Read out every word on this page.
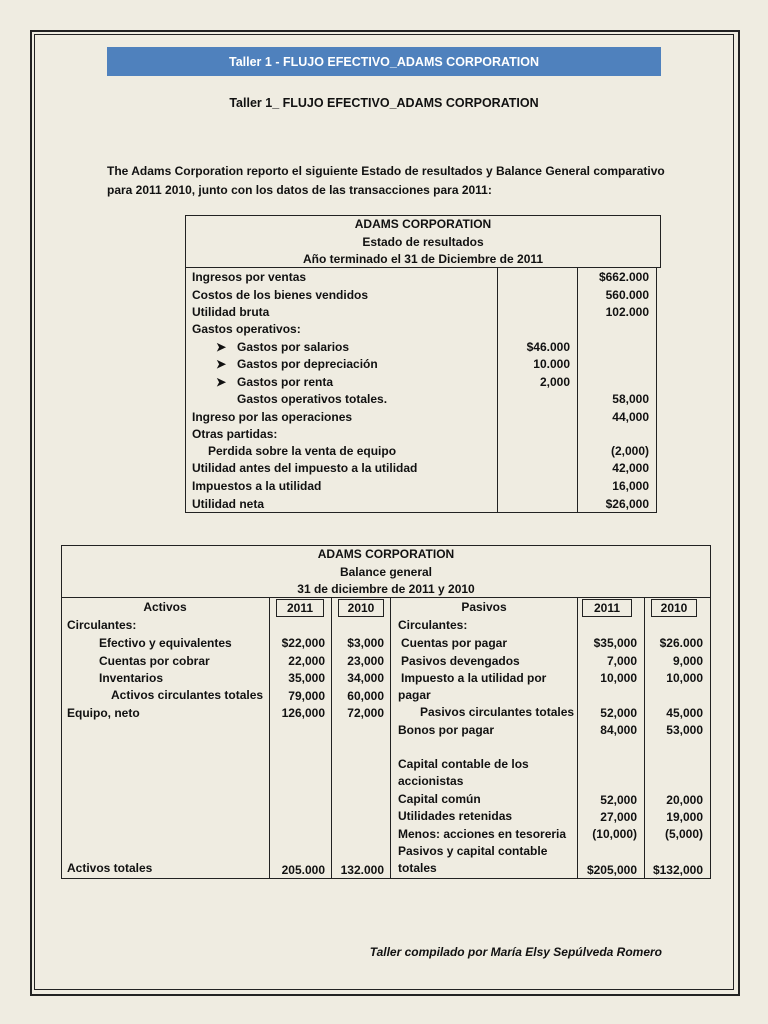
Taller 1 - FLUJO EFECTIVO_ADAMS CORPORATION
Taller 1_ FLUJO EFECTIVO_ADAMS CORPORATION
The Adams Corporation reporto el siguiente Estado de resultados y Balance General comparativo
para 2011 2010, junto con los datos de las transacciones para 2011:
ADAMS CORPORATION
Estado de resultados
Año terminado el 31 de Diciembre de 2011
Ingresos por ventas	$662.000
Costos de los bienes vendidos	560.000
Utilidad bruta	102.000
Gastos operativos:
➤ Gastos por salarios	$46.000
➤ Gastos por depreciación	10.000
➤ Gastos por renta	2,000
Gastos operativos totales.	58,000
Ingreso por las operaciones	44,000
Otras partidas:
Perdida sobre la venta de equipo	(2,000)
Utilidad antes del impuesto a la utilidad	42,000
Impuestos a la utilidad	16,000
Utilidad neta	$26,000
ADAMS CORPORATION
Balance general
31 de diciembre de 2011 y 2010
Activos	2011	2010	Pasivos	2011	2010
Circulantes:
Efectivo y equivalentes	$22,000	$3,000
Cuentas por cobrar	22,000	23,000
Inventarios	35,000	34,000
Activos circulantes totales	79,000	60,000
Equipo, neto	126,000	72,000
Activos totales	205.000	132.000
Circulantes:
Cuentas por pagar	$35,000	$26.000
Pasivos devengados	7,000	9,000
Impuesto a la utilidad por	10,000	10,000
pagar
Pasivos circulantes totales	52,000	45,000
Bonos por pagar	84,000	53,000
Capital contable de los
accionistas
Capital común	52,000	20,000
Utilidades retenidas	27,000	19,000
Menos: acciones en tesoreria	(10,000)	(5,000)
Pasivos y capital contable
totales	$205,000	$132,000
Taller compilado por María Elsy Sepúlveda Romero
